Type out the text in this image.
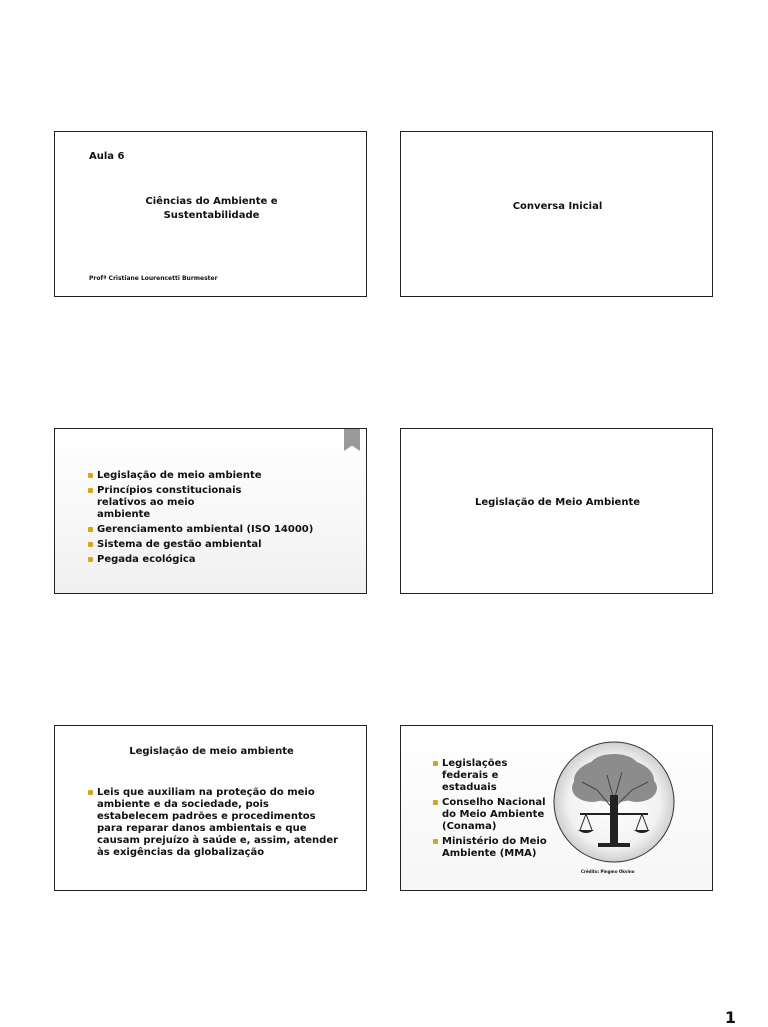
Aula 6
Ciências do Ambiente e
Sustentabilidade
Profª Cristiane Lourencetti Burmester
Conversa Inicial
Legislação de meio ambiente
Princípios constitucionais relativos ao meio ambiente
Gerenciamento ambiental (ISO 14000)
Sistema de gestão ambiental
Pegada ecológica
Legislação de Meio Ambiente
Legislação de meio ambiente
Leis que auxiliam na proteção do meio ambiente e da sociedade, pois estabelecem padrões e procedimentos para reparar danos ambientais e que causam prejuízo à saúde e, assim, atender às exigências da globalização
Legislações federais e estaduais
Conselho Nacional do Meio Ambiente (Conama)
Ministério do Meio Ambiente (MMA)
Crédito: Pingmo Okvino
1
